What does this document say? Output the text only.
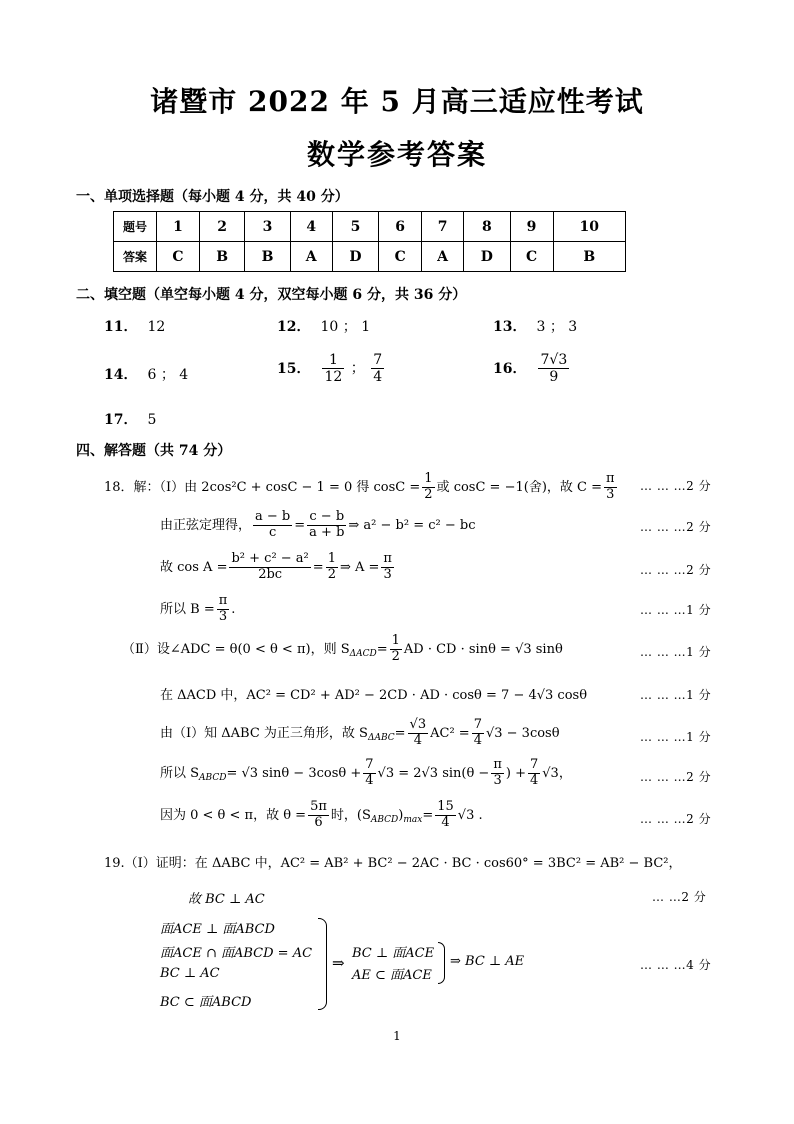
诸暨市 2022 年 5 月高三适应性考试
数学参考答案
一、单项选择题（每小题 4 分，共 40 分）
题号	1	2	3	4	5	6	7	8	9	10
答案	C	B	B	A	D	C	A	D	C	B
二、填空题（单空每小题 4 分，双空每小题 6 分，共 36 分）
11． 12	12． 10 ； 1	13． 3 ； 3
14． 6 ； 4	15． $\frac{1}{12}$ ； $\frac{7}{4}$	16． $\frac{7√3}{9}$
17． 5
四、解答题（共 74 分）
18．解：（Ⅰ）由 2cos²C + cosC − 1 = 0 得 $\cos C = \frac{1}{2}$ 或 cosC = −1(舍)，故 $C = \frac{\pi}{3}$ … … …2 分
由正弦定理得， $\frac{a - b}{c} = \frac{c - b}{a + b}$ ⇒ a² − b² = c² − bc	… … …2 分
故 $\cos A = \frac{\text{b² + c² − a²}}{2bc} = \frac{1}{2}$ ⇒ $A = \frac{\pi}{3}$	… … …2 分
所以 $B = \frac{\pi}{3}$ .	… … …1 分
（Ⅱ）设∠ADC = θ(0 < θ < π)，则 $S_{\Delta ACD}= \frac{1}{2}$ AD · CD · sinθ = √3 sinθ	… … …1 分
在 ΔACD 中，AC² = CD² + AD² − 2CD · AD · cosθ = 7 − 4√3 cosθ	… … …1 分
由（Ⅰ）知 ΔABC 为正三角形，故 $S_{\Delta ABC}= \frac{√3}{4} AC^2 = \frac{7}{4} √3 - 3\cos\theta$	… … …1 分
所以 $S_{ABCD}= √3$ $\sin\theta - 3\cos\theta + \frac{7}{4} √3 = 2√3$ $\sin(\theta - \frac{\pi}{3}$ ) + $\frac{7}{4} √3$，	… … …2 分
因为 0 < θ < π，故 $\theta = \frac{5\pi}{6}$ 时，$(S_{ABCD})_{max}= \frac{15}{4} √3$ .	… … …2 分
19.（Ⅰ）证明：在 ΔABC 中，AC² = AB² + BC² − 2AC · BC · cos60° = 3BC² = AB² − BC²，
故 BC ⊥ AC	… …2 分
面ACE ⊥ 面ABCD
面ACE ∩ 面ABCD = AC
BC ⊥ AC
BC ⊂ 面ABCD
⇒
BC ⊥ 面ACE
AE ⊂ 面ACE
⇒ BC ⊥ AE	… … …4 分
1
